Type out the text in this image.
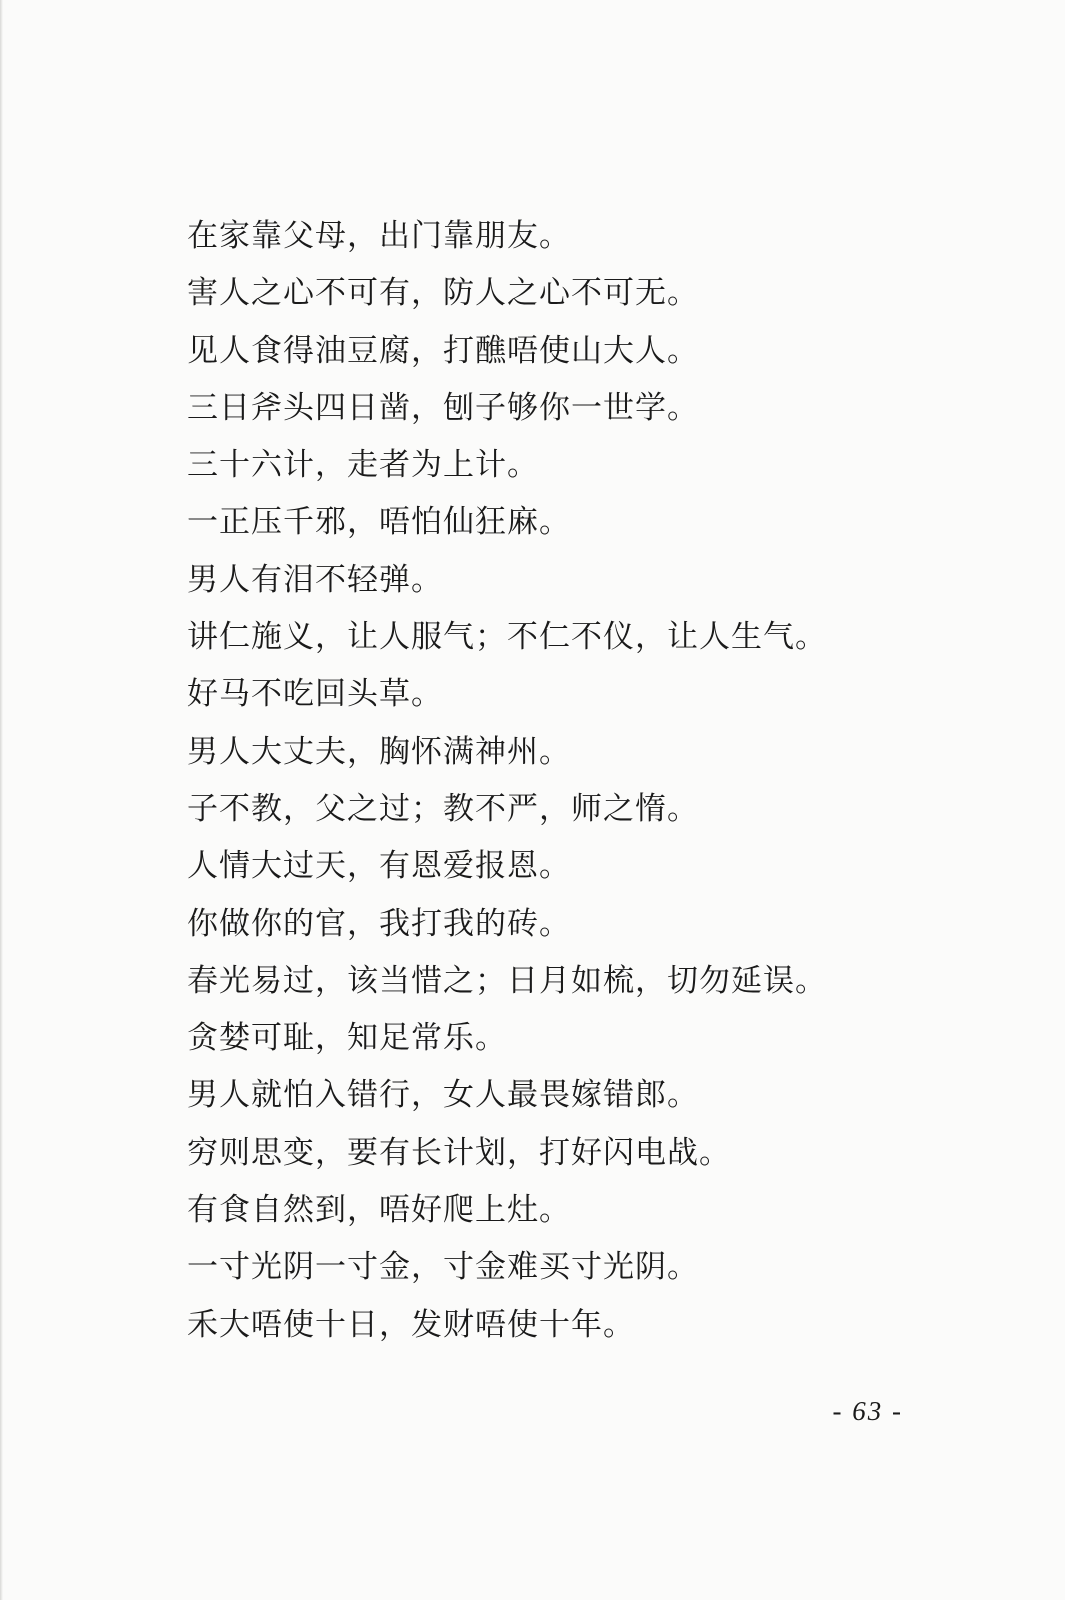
在家靠父母，出门靠朋友。
害人之心不可有，防人之心不可无。
见人食得油豆腐，打醮唔使山大人。
三日斧头四日凿，刨子够你一世学。
三十六计，走者为上计。
一正压千邪，唔怕仙狂麻。
男人有泪不轻弹。
讲仁施义，让人服气；不仁不仪，让人生气。
好马不吃回头草。
男人大丈夫，胸怀满神州。
子不教，父之过；教不严，师之惰。
人情大过天，有恩爱报恩。
你做你的官，我打我的砖。
春光易过，该当惜之；日月如梳，切勿延误。
贪婪可耻，知足常乐。
男人就怕入错行，女人最畏嫁错郎。
穷则思变，要有长计划，打好闪电战。
有食自然到，唔好爬上灶。
一寸光阴一寸金，寸金难买寸光阴。
禾大唔使十日，发财唔使十年。
- 63 -
